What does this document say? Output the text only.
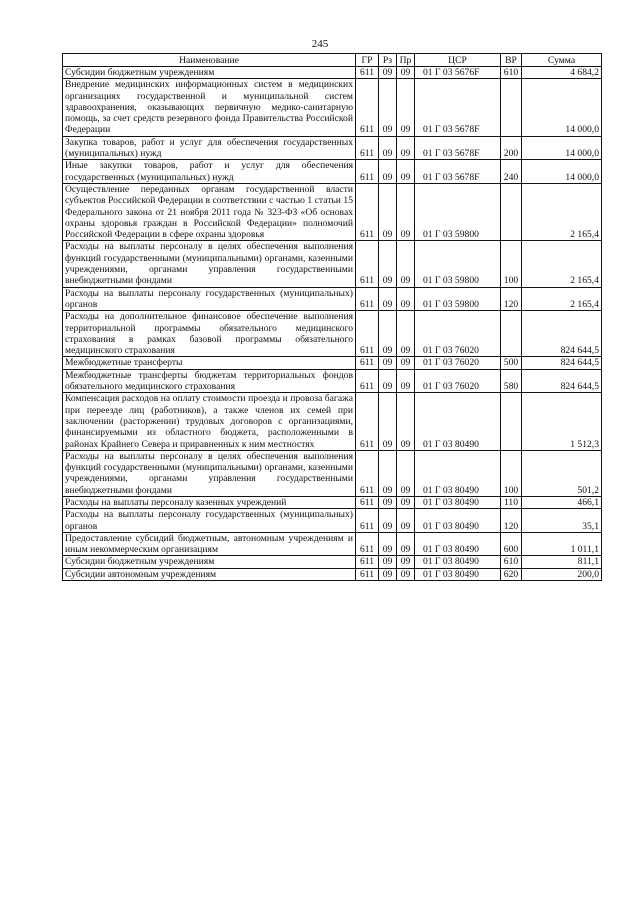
245
Наименование	ГР	Рз	Пр	ЦСР	ВР	Сумма
Субсидии бюджетным учреждениям	611	09	09	01 Г 03 5676F	610	4 684,2
Внедрение медицинских информационных систем в медицинских организациях государственной и муниципальной систем здравоохранения, оказывающих первичную медико-санитарную помощь, за счет средств резервного фонда Правительства Российской Федерации	611	09	09	01 Г 03 5678F		14 000,0
Закупка товаров, работ и услуг для обеспечения государственных (муниципальных) нужд	611	09	09	01 Г 03 5678F	200	14 000,0
Иные закупки товаров, работ и услуг для обеспечения государственных (муниципальных) нужд	611	09	09	01 Г 03 5678F	240	14 000,0
Осуществление переданных органам государственной власти субъектов Российской Федерации в соответствии с частью 1 статьи 15 Федерального закона от 21 ноября 2011 года № 323-ФЗ «Об основах охраны здоровья граждан в Российской Федерации» полномочий Российской Федерации в сфере охраны здоровья	611	09	09	01 Г 03 59800		2 165,4
Расходы на выплаты персоналу в целях обеспечения выполнения функций государственными (муниципальными) органами, казенными учреждениями, органами управления государственными внебюджетными фондами	611	09	09	01 Г 03 59800	100	2 165,4
Расходы на выплаты персоналу государственных (муниципальных) органов	611	09	09	01 Г 03 59800	120	2 165,4
Расходы на дополнительное финансовое обеспечение выполнения территориальной программы обязательного медицинского страхования в рамках базовой программы обязательного медицинского страхования	611	09	09	01 Г 03 76020		824 644,5
Межбюджетные трансферты	611	09	09	01 Г 03 76020	500	824 644,5
Межбюджетные трансферты бюджетам территориальных фондов обязательного медицинского страхования	611	09	09	01 Г 03 76020	580	824 644,5
Компенсация расходов на оплату стоимости проезда и провоза багажа при переезде лиц (работников), а также членов их семей при заключении (расторжении) трудовых договоров с организациями, финансируемыми из областного бюджета, расположенными в районах Крайнего Севера и приравненных к ним местностях	611	09	09	01 Г 03 80490		1 512,3
Расходы на выплаты персоналу в целях обеспечения выполнения функций государственными (муниципальными) органами, казенными учреждениями, органами управления государственными внебюджетными фондами	611	09	09	01 Г 03 80490	100	501,2
Расходы на выплаты персоналу казенных учреждений	611	09	09	01 Г 03 80490	110	466,1
Расходы на выплаты персоналу государственных (муниципальных) органов	611	09	09	01 Г 03 80490	120	35,1
Предоставление субсидий бюджетным, автономным учреждениям и иным некоммерческим организациям	611	09	09	01 Г 03 80490	600	1 011,1
Субсидии бюджетным учреждениям	611	09	09	01 Г 03 80490	610	811,1
Субсидии автономным учреждениям	611	09	09	01 Г 03 80490	620	200,0
